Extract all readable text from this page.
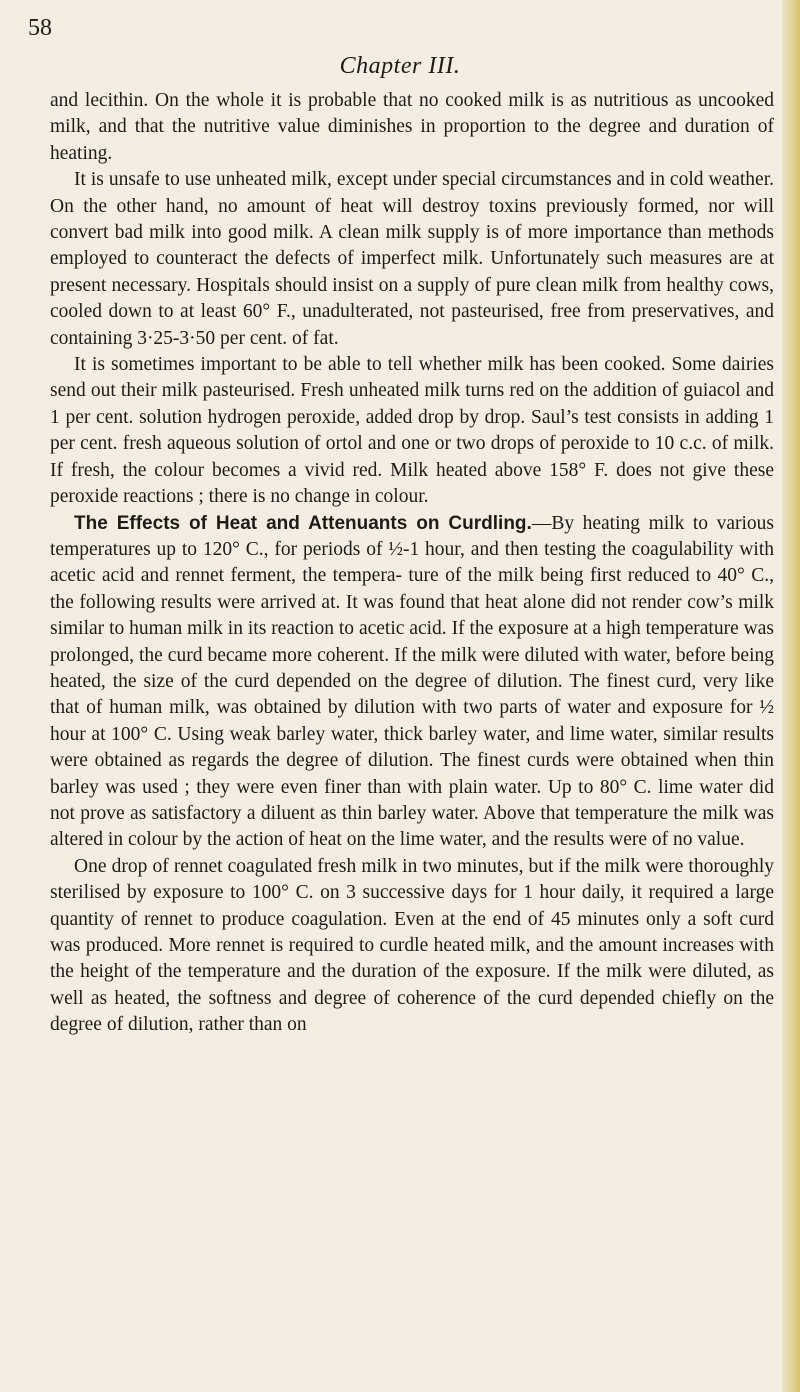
58
Chapter III.

and lecithin. On the whole it is probable that no cooked milk is as nutritious as uncooked milk, and that the nutritive value diminishes in proportion to the degree and duration of heating.

It is unsafe to use unheated milk, except under special circumstances and in cold weather. On the other hand, no amount of heat will destroy toxins previously formed, nor will convert bad milk into good milk. A clean milk supply is of more importance than methods employed to counteract the defects of imperfect milk. Unfortunately such measures are at present necessary. Hospitals should insist on a supply of pure clean milk from healthy cows, cooled down to at least 60° F., unadulterated, not pasteurised, free from preservatives, and containing 3·25-3·50 per cent. of fat.

It is sometimes important to be able to tell whether milk has been cooked. Some dairies send out their milk pasteurised. Fresh unheated milk turns red on the addition of guiacol and 1 per cent. solution hydrogen peroxide, added drop by drop. Saul’s test consists in adding 1 per cent. fresh aqueous solution of ortol and one or two drops of peroxide to 10 c.c. of milk. If fresh, the colour becomes a vivid red. Milk heated above 158° F. does not give these peroxide reactions ; there is no change in colour.

The Effects of Heat and Attenuants on Curdling.—By heating milk to various temperatures up to 120° C., for periods of ½-1 hour, and then testing the coagulability with acetic acid and rennet ferment, the tempera- ture of the milk being first reduced to 40° C., the following results were arrived at. It was found that heat alone did not render cow’s milk similar to human milk in its reaction to acetic acid. If the exposure at a high temperature was prolonged, the curd became more coherent. If the milk were diluted with water, before being heated, the size of the curd depended on the degree of dilution. The finest curd, very like that of human milk, was obtained by dilution with two parts of water and exposure for ½ hour at 100° C. Using weak barley water, thick barley water, and lime water, similar results were obtained as regards the degree of dilution. The finest curds were obtained when thin barley was used ; they were even finer than with plain water. Up to 80° C. lime water did not prove as satisfactory a diluent as thin barley water. Above that temperature the milk was altered in colour by the action of heat on the lime water, and the results were of no value.

One drop of rennet coagulated fresh milk in two minutes, but if the milk were thoroughly sterilised by exposure to 100° C. on 3 successive days for 1 hour daily, it required a large quantity of rennet to produce coagulation. Even at the end of 45 minutes only a soft curd was produced. More rennet is required to curdle heated milk, and the amount increases with the height of the temperature and the duration of the exposure. If the milk were diluted, as well as heated, the softness and degree of coherence of the curd depended chiefly on the degree of dilution, rather than on
